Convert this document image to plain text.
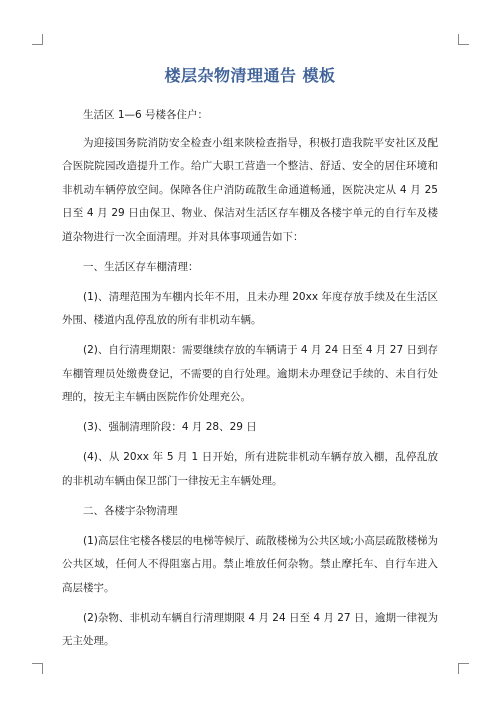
楼层杂物清理通告 模板

生活区 1—6 号楼各住户：

为迎接国务院消防安全检查小组来陕检查指导，积极打造我院平安社区及配合医院院园改造提升工作。给广大职工营造一个整洁、舒适、安全的居住环境和非机动车辆停放空间。保障各住户消防疏散生命通道畅通，医院决定从 4 月 25 日至 4 月 29 日由保卫、物业、保洁对生活区存车棚及各楼宇单元的自行车及楼道杂物进行一次全面清理。并对具体事项通告如下：

一、生活区存车棚清理：

(1)、清理范围为车棚内长年不用，且未办理 20xx 年度存放手续及在生活区外围、楼道内乱停乱放的所有非机动车辆。

(2)、自行清理期限：需要继续存放的车辆请于 4 月 24 日至 4 月 27 日到存车棚管理员处缴费登记，不需要的自行处理。逾期未办理登记手续的、未自行处理的，按无主车辆由医院作价处理充公。

(3)、强制清理阶段：4 月 28、29 日

(4)、从 20xx 年 5 月 1 日开始，所有进院非机动车辆存放入棚，乱停乱放的非机动车辆由保卫部门一律按无主车辆处理。

二、各楼宇杂物清理

(1)高层住宅楼各楼层的电梯等候厅、疏散楼梯为公共区域;小高层疏散楼梯为公共区域，任何人不得阻塞占用。禁止堆放任何杂物。禁止摩托车、自行车进入高层楼宇。

(2)杂物、非机动车辆自行清理期限 4 月 24 日至 4 月 27 日，逾期一律视为无主处理。
